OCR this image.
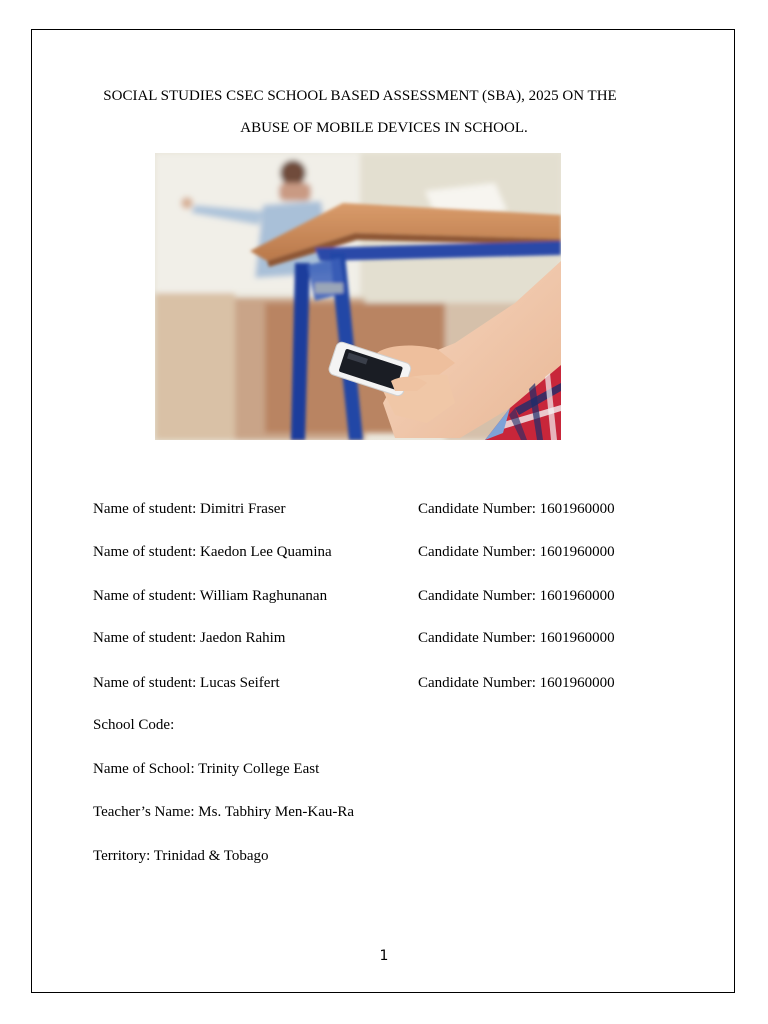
SOCIAL STUDIES CSEC SCHOOL BASED ASSESSMENT (SBA), 2025 ON THE
ABUSE OF MOBILE DEVICES IN SCHOOL.
Name of student: Dimitri Fraser	Candidate Number: 1601960000
Name of student: Kaedon Lee Quamina	Candidate Number: 1601960000
Name of student: William Raghunanan	Candidate Number: 1601960000
Name of student: Jaedon Rahim	Candidate Number: 1601960000
Name of student: Lucas Seifert	Candidate Number: 1601960000
School Code:
Name of School: Trinity College East
Teacher’s Name: Ms. Tabhiry Men-Kau-Ra
Territory: Trinidad & Tobago
1
